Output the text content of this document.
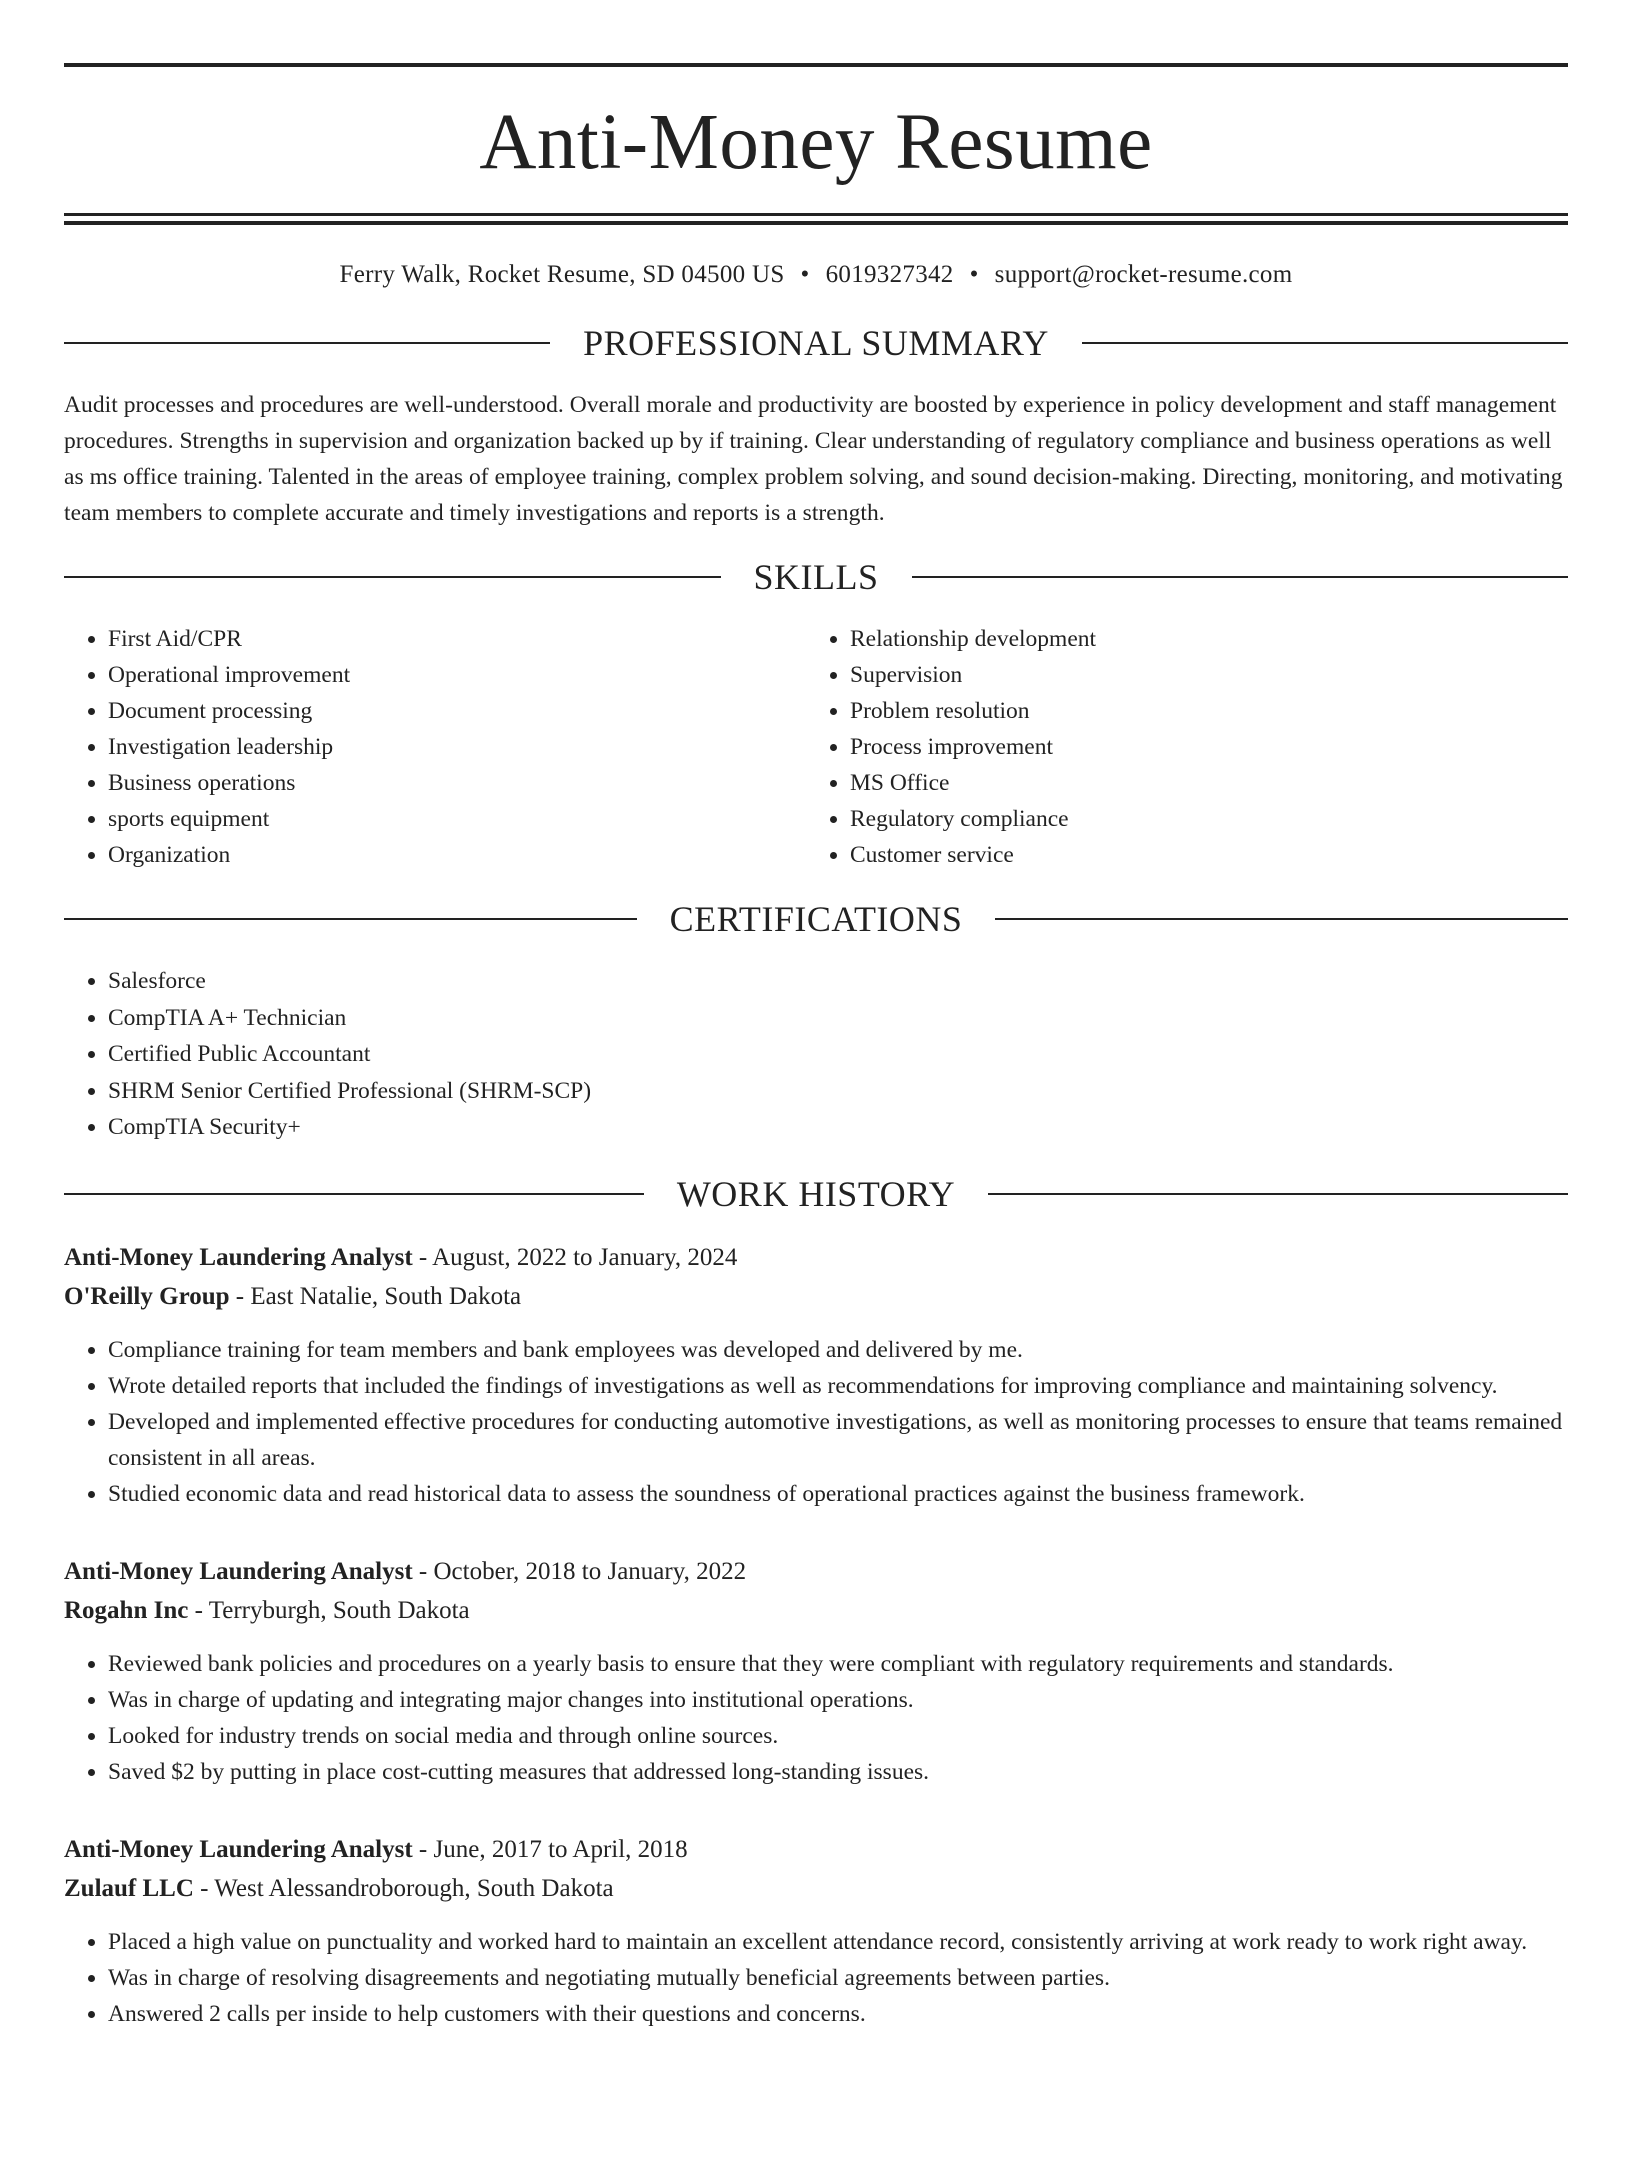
Anti-Money Resume
Ferry Walk, Rocket Resume, SD 04500 US • 6019327342 • support@rocket-resume.com
PROFESSIONAL SUMMARY
Audit processes and procedures are well-understood. Overall morale and productivity are boosted by experience in policy development and staff management procedures. Strengths in supervision and organization backed up by if training. Clear understanding of regulatory compliance and business operations as well as ms office training. Talented in the areas of employee training, complex problem solving, and sound decision-making. Directing, monitoring, and motivating team members to complete accurate and timely investigations and reports is a strength.
SKILLS
• First Aid/CPR
• Operational improvement
• Document processing
• Investigation leadership
• Business operations
• sports equipment
• Organization
• Relationship development
• Supervision
• Problem resolution
• Process improvement
• MS Office
• Regulatory compliance
• Customer service
CERTIFICATIONS
• Salesforce
• CompTIA A+ Technician
• Certified Public Accountant
• SHRM Senior Certified Professional (SHRM-SCP)
• CompTIA Security+
WORK HISTORY
Anti-Money Laundering Analyst - August, 2022 to January, 2024
O'Reilly Group - East Natalie, South Dakota
• Compliance training for team members and bank employees was developed and delivered by me.
• Wrote detailed reports that included the findings of investigations as well as recommendations for improving compliance and maintaining solvency.
• Developed and implemented effective procedures for conducting automotive investigations, as well as monitoring processes to ensure that teams remained consistent in all areas.
• Studied economic data and read historical data to assess the soundness of operational practices against the business framework.
Anti-Money Laundering Analyst - October, 2018 to January, 2022
Rogahn Inc - Terryburgh, South Dakota
• Reviewed bank policies and procedures on a yearly basis to ensure that they were compliant with regulatory requirements and standards.
• Was in charge of updating and integrating major changes into institutional operations.
• Looked for industry trends on social media and through online sources.
• Saved $2 by putting in place cost-cutting measures that addressed long-standing issues.
Anti-Money Laundering Analyst - June, 2017 to April, 2018
Zulauf LLC - West Alessandroborough, South Dakota
• Placed a high value on punctuality and worked hard to maintain an excellent attendance record, consistently arriving at work ready to work right away.
• Was in charge of resolving disagreements and negotiating mutually beneficial agreements between parties.
• Answered 2 calls per inside to help customers with their questions and concerns.
